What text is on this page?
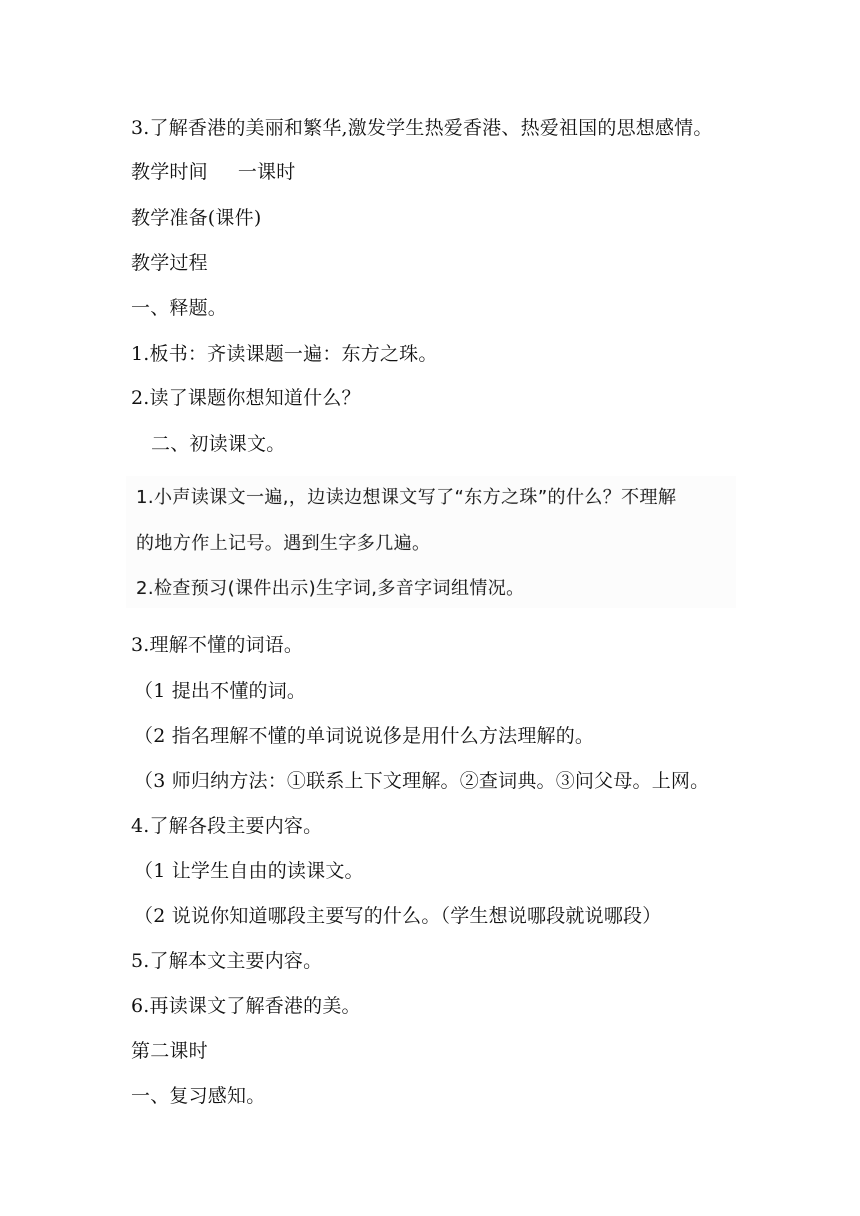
3.了解香港的美丽和繁华,激发学生热爱香港、热爱祖国的思想感情。
教学时间 一课时
教学准备(课件)
教学过程
一、释题。
1.板书：齐读课题一遍：东方之珠。
2.读了课题你想知道什么？
二、初读课文。
1.小声读课文一遍,，边读边想课文写了“东方之珠”的什么？不理解
的地方作上记号。遇到生字多几遍。
2.检查预习(课件出示)生字词,多音字词组情况。
3.理解不懂的词语。
（1 提出不懂的词。
（2 指名理解不懂的单词说说侈是用什么方法理解的。
（3 师归纳方法：①联系上下文理解。②查词典。③问父母。上网。
4.了解各段主要内容。
（1 让学生自由的读课文。
（2 说说你知道哪段主要写的什么。（学生想说哪段就说哪段）
5.了解本文主要内容。
6.再读课文了解香港的美。
第二课时
一、复习感知。
